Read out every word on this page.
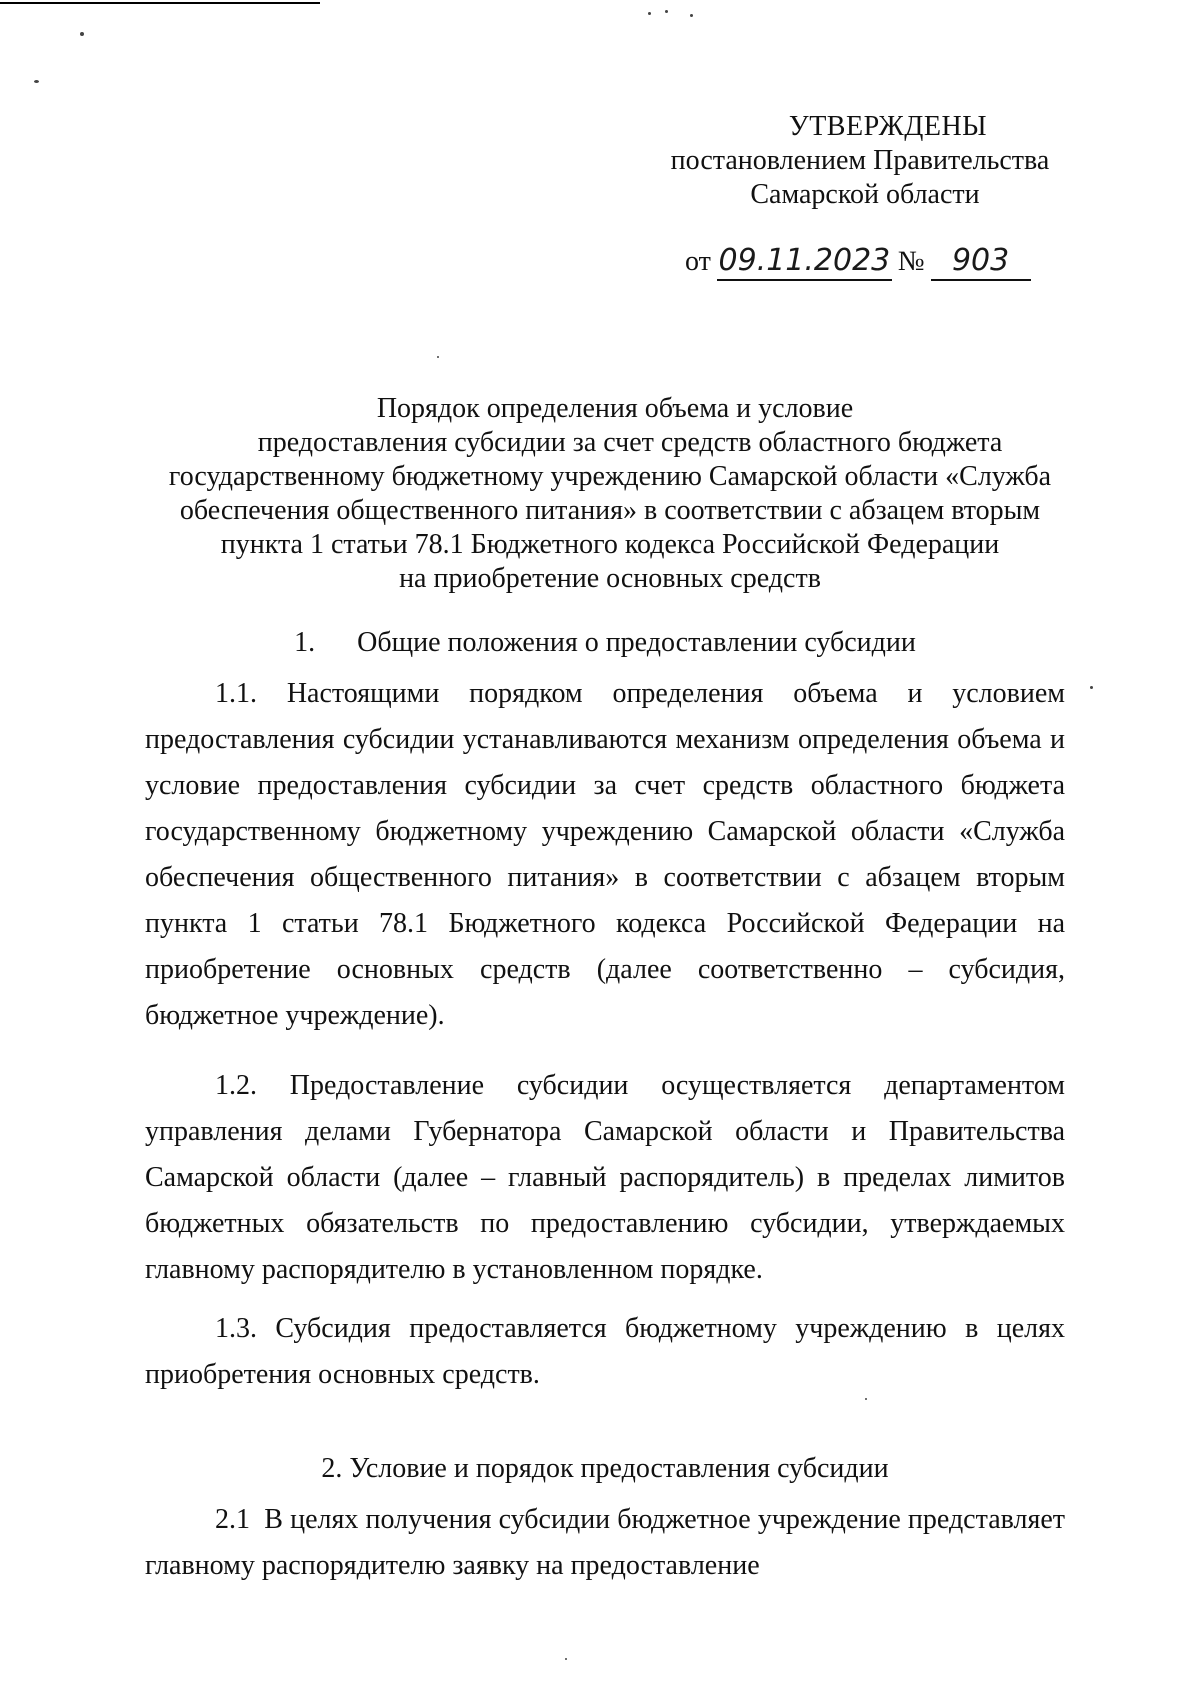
УТВЕРЖДЕНЫ
постановлением Правительства
Самарской области
от 09.11.2023 № 903
Порядок определения объема и условие
предоставления субсидии за счет средств областного бюджета
государственному бюджетному учреждению Самарской области «Служба
обеспечения общественного питания» в соответствии с абзацем вторым
пункта 1 статьи 78.1 Бюджетного кодекса Российской Федерации
на приобретение основных средств
1.      Общие положения о предоставлении субсидии

1.1. Настоящими порядком определения объема и условием предоставления субсидии устанавливаются механизм определения объема и условие предоставления субсидии за счет средств областного бюджета государственному бюджетному учреждению Самарской области «Служба обеспечения общественного питания» в соответствии с абзацем вторым пункта 1 статьи 78.1 Бюджетного кодекса Российской Федерации на приобретение основных средств (далее соответственно – субсидия, бюджетное учреждение).

1.2. Предоставление субсидии осуществляется департаментом управления делами Губернатора Самарской области и Правительства Самарской области (далее – главный распорядитель) в пределах лимитов бюджетных обязательств по предоставлению субсидии, утверждаемых главному распорядителю в установленном порядке.

1.3. Субсидия предоставляется бюджетному учреждению в целях приобретения основных средств.

2. Условие и порядок предоставления субсидии

2.1  В целях получения субсидии бюджетное учреждение представляет главному распорядителю заявку на предоставление
